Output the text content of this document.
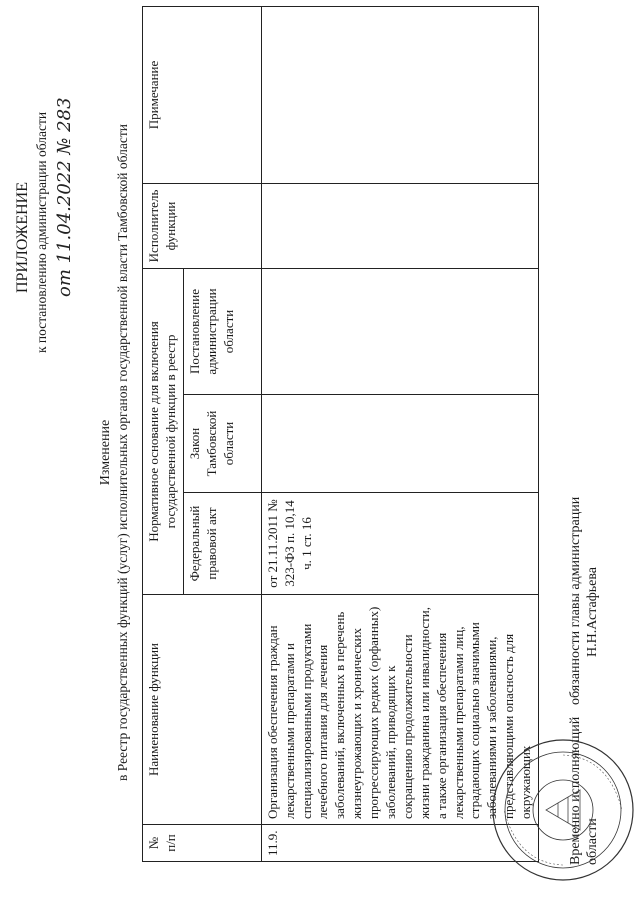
ПРИЛОЖЕНИЕ к постановлению администрации области от 11.04.2022 № 283
Изменение в Реестр государственных функций (услуг) исполнительных органов государственной власти Тамбовской области
№ п/п	Наименование функции	Нормативное основание для включения государственной функции в реестр			Исполнитель функции	Примечание
		Федеральный правовой акт	Закон Тамбовской области	Постановление администрации области		
11.9.	Организация обеспечения граждан лекарственными препаратами и специализированными продуктами лечебного питания для лечения заболеваний, включенных в перечень жизнеугрожающих и хронических прогрессирующих редких (орфанных) заболеваний, приводящих к сокращению продолжительности жизни гражданина или инвалидности, а также организация обеспечения лекарственными препаратами лиц, страдающих социально значимыми заболеваниями и заболеваниями, представляющими опасность для окружающих	от 21.11.2011 № 323-ФЗ п. 10,14 ч. 1 ст. 16				
Временно исполняющий области
обязанности главы администрации Н.Н.Астафьева
